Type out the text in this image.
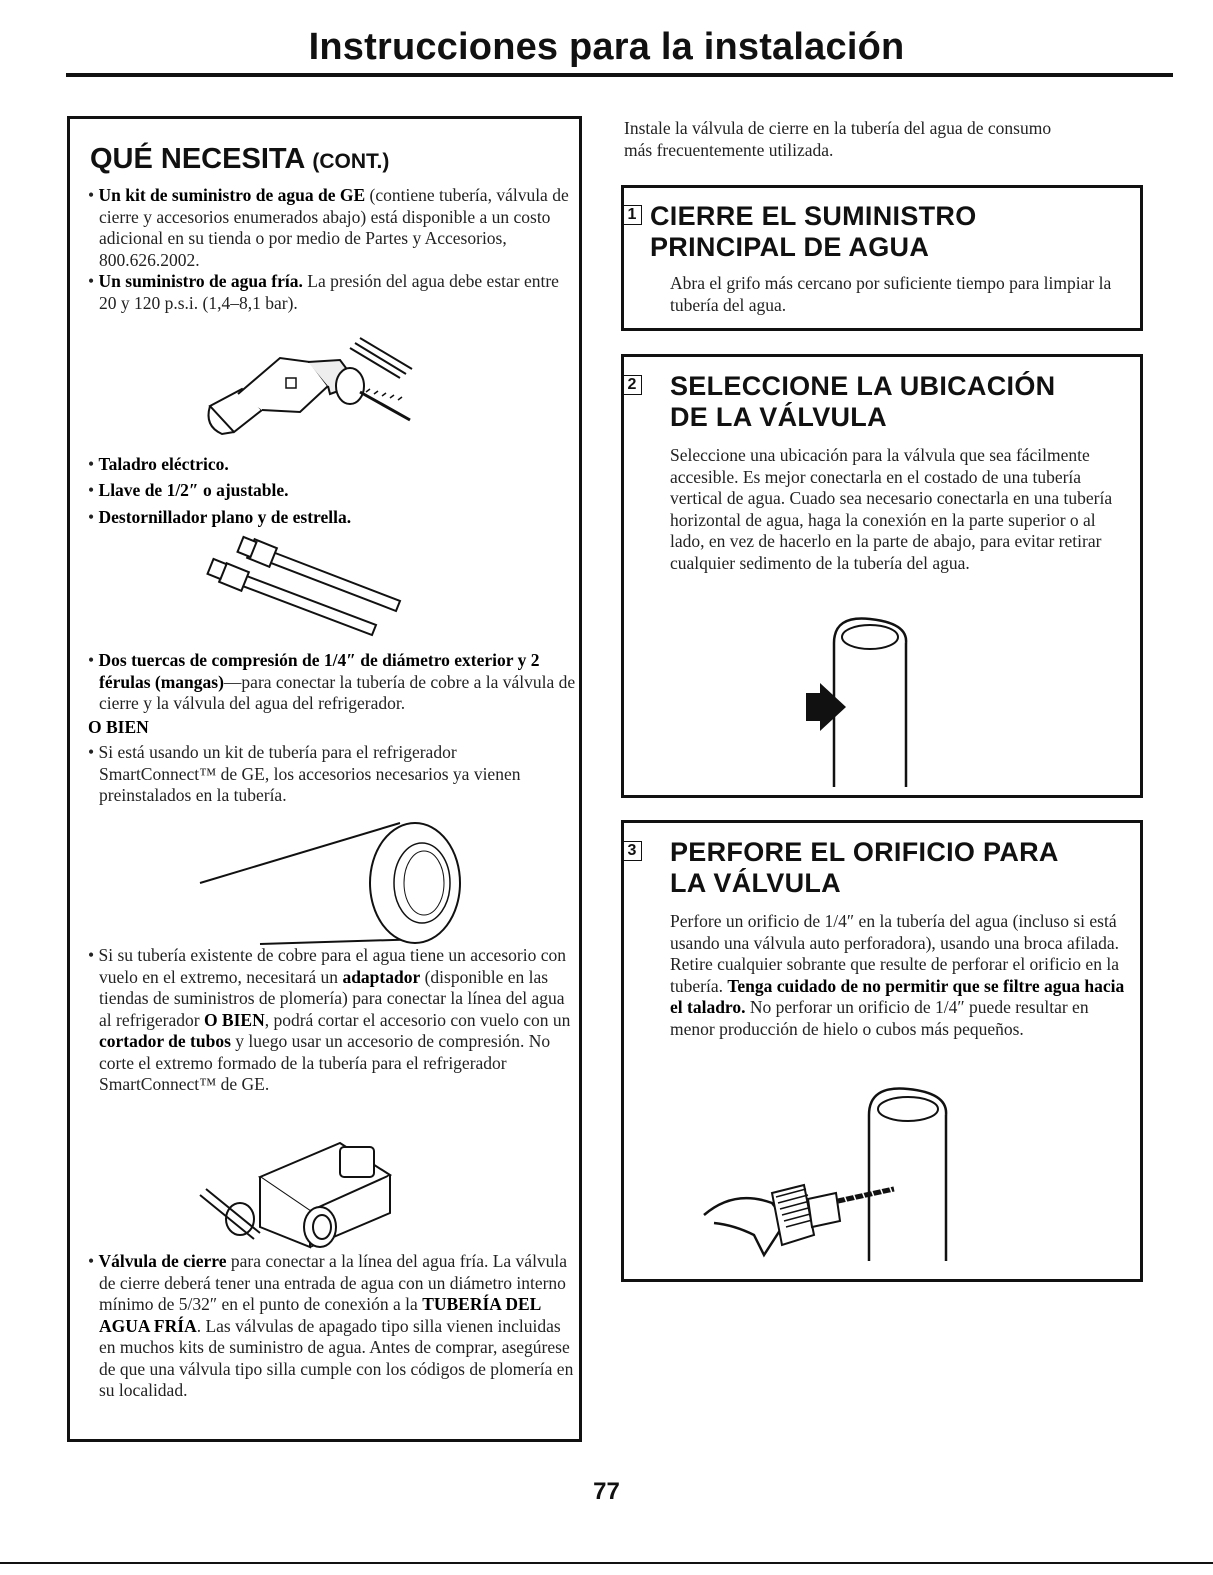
Instrucciones para la instalación
QUÉ NECESITA (CONT.)

• Un kit de suministro de agua de GE (contiene tubería, válvula de cierre y accesorios enumerados abajo) está disponible a un costo adicional en su tienda o por medio de Partes y Accesorios, 800.626.2002.

• Un suministro de agua fría. La presión del agua debe estar entre 20 y 120 p.s.i. (1,4–8,1 bar).

• Taladro eléctrico.

• Llave de 1/2″ o ajustable.

• Destornillador plano y de estrella.

• Dos tuercas de compresión de 1/4″ de diámetro exterior y 2 férulas (mangas)—para conectar la tubería de cobre a la válvula de cierre y la válvula del agua del refrigerador.

O BIEN

• Si está usando un kit de tubería para el refrigerador SmartConnect™ de GE, los accesorios necesarios ya vienen preinstalados en la tubería.

• Si su tubería existente de cobre para el agua tiene un accesorio con vuelo en el extremo, necesitará un adaptador (disponible en las tiendas de suministros de plomería) para conectar la línea del agua al refrigerador O BIEN, podrá cortar el accesorio con vuelo con un cortador de tubos y luego usar un accesorio de compresión. No corte el extremo formado de la tubería para el refrigerador SmartConnect™ de GE.

• Válvula de cierre para conectar a la línea del agua fría. La válvula de cierre deberá tener una entrada de agua con un diámetro interno mínimo de 5/32″ en el punto de conexión a la TUBERÍA DEL AGUA FRÍA. Las válvulas de apagado tipo silla vienen incluidas en muchos kits de suministro de agua. Antes de comprar, asegúrese de que una válvula tipo silla cumple con los códigos de plomería en su localidad.

Instale la válvula de cierre en la tubería del agua de consumo más frecuentemente utilizada.

1 CIERRE EL SUMINISTRO
PRINCIPAL DE AGUA

Abra el grifo más cercano por suficiente tiempo para limpiar la tubería del agua.

2 SELECCIONE LA UBICACIÓN
DE LA VÁLVULA

Seleccione una ubicación para la válvula que sea fácilmente accesible. Es mejor conectarla en el costado de una tubería vertical de agua. Cuado sea necesario conectarla en una tubería horizontal de agua, haga la conexión en la parte superior o al lado, en vez de hacerlo en la parte de abajo, para evitar retirar cualquier sedimento de la tubería del agua.

3 PERFORE EL ORIFICIO PARA
LA VÁLVULA

Perfore un orificio de 1/4″ en la tubería del agua (incluso si está usando una válvula auto perforadora), usando una broca afilada. Retire cualquier sobrante que resulte de perforar el orificio en la tubería. Tenga cuidado de no permitir que se filtre agua hacia el taladro. No perforar un orificio de 1/4″ puede resultar en menor producción de hielo o cubos más pequeños.

77
